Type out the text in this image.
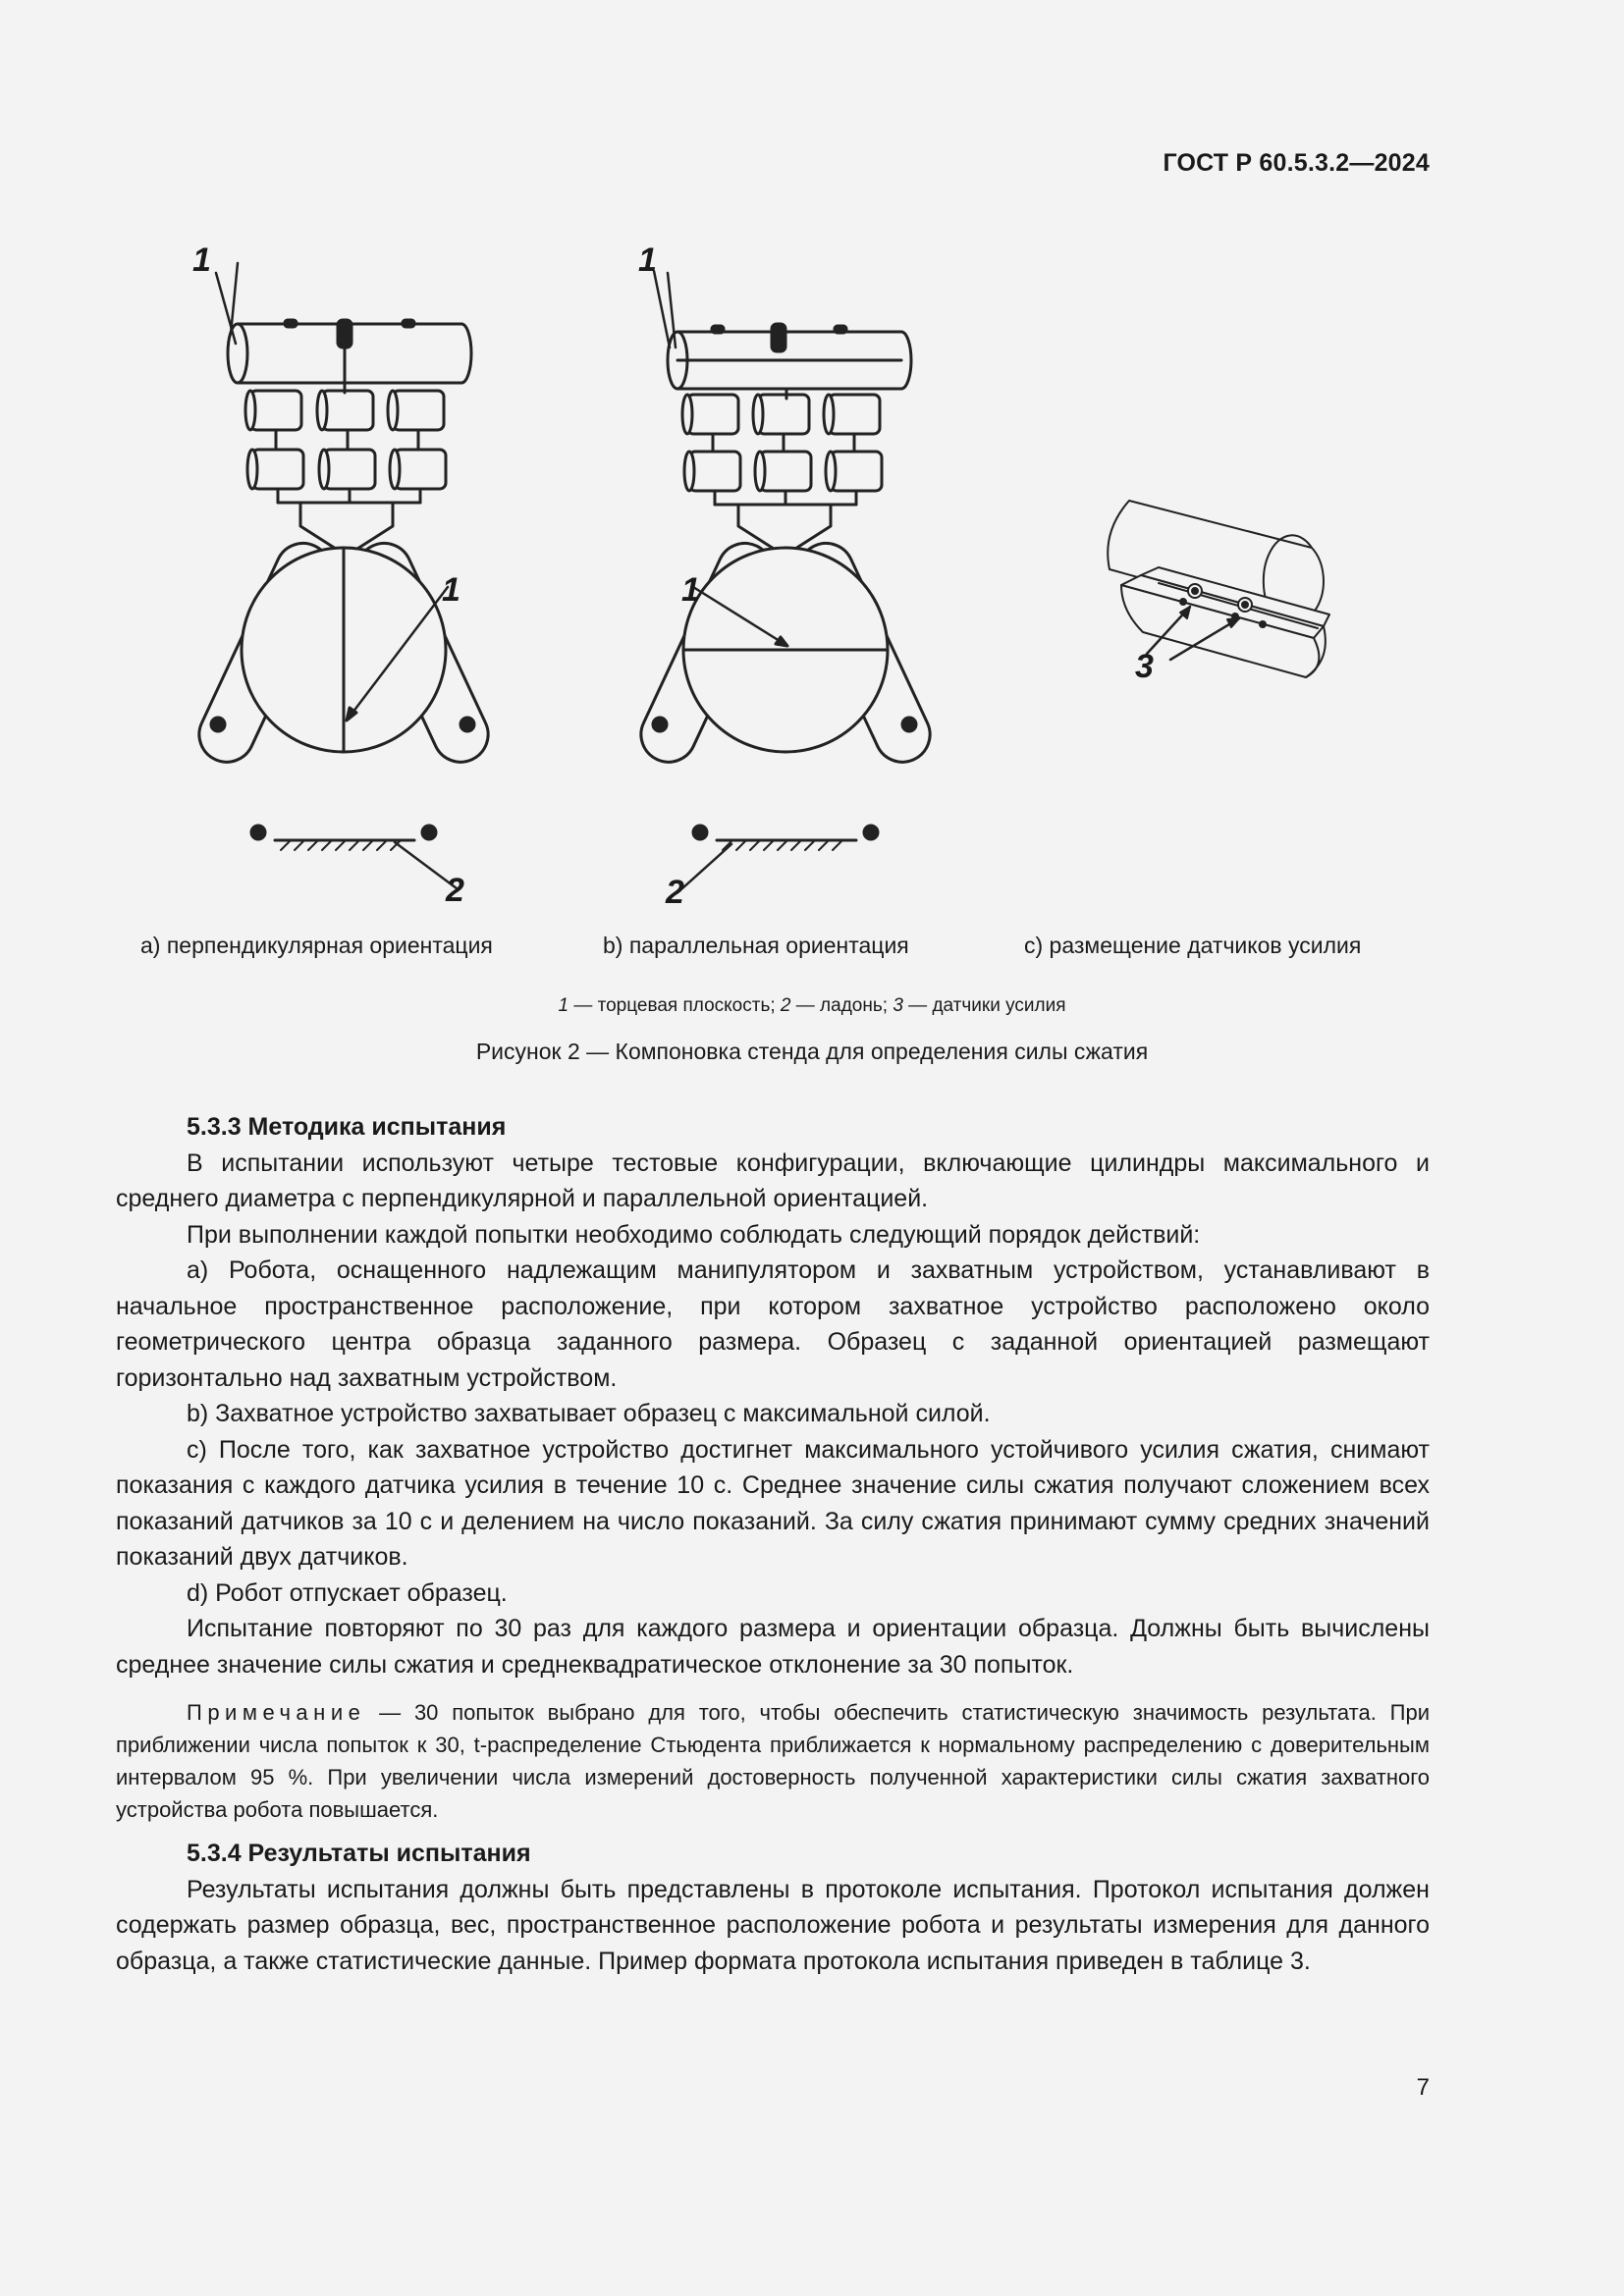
ГОСТ Р 60.5.3.2—2024
1
1
2
1
1
2
3
a) перпендикулярная ориентация	b) параллельная ориентация	c) размещение датчиков усилия
1 — торцевая плоскость; 2 — ладонь; 3 — датчики усилия
Рисунок 2 — Компоновка стенда для определения силы сжатия
5.3.3 Методика испытания

В испытании используют четыре тестовые конфигурации, включающие цилиндры максимального и среднего диаметра с перпендикулярной и параллельной ориентацией.

При выполнении каждой попытки необходимо соблюдать следующий порядок действий:

a) Робота, оснащенного надлежащим манипулятором и захватным устройством, устанавливают в начальное пространственное расположение, при котором захватное устройство расположено около геометрического центра образца заданного размера. Образец с заданной ориентацией размещают горизонтально над захватным устройством.

b) Захватное устройство захватывает образец с максимальной силой.

c) После того, как захватное устройство достигнет максимального устойчивого усилия сжатия, снимают показания с каждого датчика усилия в течение 10 с. Среднее значение силы сжатия получают сложением всех показаний датчиков за 10 с и делением на число показаний. За силу сжатия принимают сумму средних значений показаний двух датчиков.

d) Робот отпускает образец.

Испытание повторяют по 30 раз для каждого размера и ориентации образца. Должны быть вычислены среднее значение силы сжатия и среднеквадратическое отклонение за 30 попыток.

Примечание — 30 попыток выбрано для того, чтобы обеспечить статистическую значимость результата. При приближении числа попыток к 30, t-распределение Стьюдента приближается к нормальному распределению с доверительным интервалом 95 %. При увеличении числа измерений достоверность полученной характеристики силы сжатия захватного устройства робота повышается.

5.3.4 Результаты испытания

Результаты испытания должны быть представлены в протоколе испытания. Протокол испытания должен содержать размер образца, вес, пространственное расположение робота и результаты измерения для данного образца, а также статистические данные. Пример формата протокола испытания приведен в таблице 3.

7
